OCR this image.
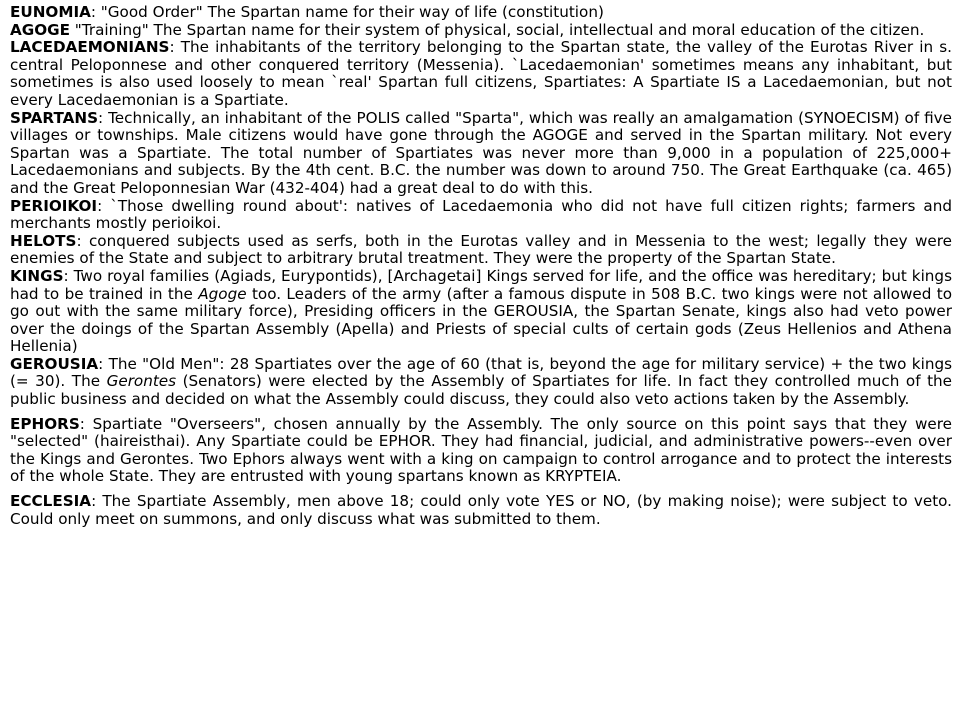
EUNOMIA: "Good Order" The Spartan name for their way of life (constitution)

AGOGE "Training" The Spartan name for their system of physical, social, intellectual and moral education of the citizen.

LACEDAEMONIANS: The inhabitants of the territory belonging to the Spartan state, the valley of the Eurotas River in s. central Peloponnese and other conquered territory (Messenia). `Lacedaemonian' sometimes means any inhabitant, but sometimes is also used loosely to mean `real' Spartan full citizens, Spartiates: A Spartiate IS a Lacedaemonian, but not every Lacedaemonian is a Spartiate.

SPARTANS: Technically, an inhabitant of the POLIS called "Sparta", which was really an amalgamation (SYNOECISM) of five villages or townships. Male citizens would have gone through the AGOGE and served in the Spartan military. Not every Spartan was a Spartiate. The total number of Spartiates was never more than 9,000 in a population of 225,000+ Lacedaemonians and subjects. By the 4th cent. B.C. the number was down to around 750. The Great Earthquake (ca. 465) and the Great Peloponnesian War (432-404) had a great deal to do with this.

PERIOIKOI: `Those dwelling round about': natives of Lacedaemonia who did not have full citizen rights; farmers and merchants mostly perioikoi.

HELOTS: conquered subjects used as serfs, both in the Eurotas valley and in Messenia to the west; legally they were enemies of the State and subject to arbitrary brutal treatment. They were the property of the Spartan State.

KINGS: Two royal families (Agiads, Eurypontids), [Archagetai] Kings served for life, and the office was hereditary; but kings had to be trained in the Agoge too. Leaders of the army (after a famous dispute in 508 B.C. two kings were not allowed to go out with the same military force), Presiding officers in the GEROUSIA, the Spartan Senate, kings also had veto power over the doings of the Spartan Assembly (Apella) and Priests of special cults of certain gods (Zeus Hellenios and Athena Hellenia)

GEROUSIA: The "Old Men": 28 Spartiates over the age of 60 (that is, beyond the age for military service) + the two kings (= 30). The Gerontes (Senators) were elected by the Assembly of Spartiates for life. In fact they controlled much of the public business and decided on what the Assembly could discuss, they could also veto actions taken by the Assembly.

EPHORS: Spartiate "Overseers", chosen annually by the Assembly. The only source on this point says that they were "selected" (haireisthai). Any Spartiate could be EPHOR. They had financial, judicial, and administrative powers--even over the Kings and Gerontes. Two Ephors always went with a king on campaign to control arrogance and to protect the interests of the whole State. They are entrusted with young spartans known as KRYPTEIA.

ECCLESIA: The Spartiate Assembly, men above 18; could only vote YES or NO, (by making noise); were subject to veto. Could only meet on summons, and only discuss what was submitted to them.
